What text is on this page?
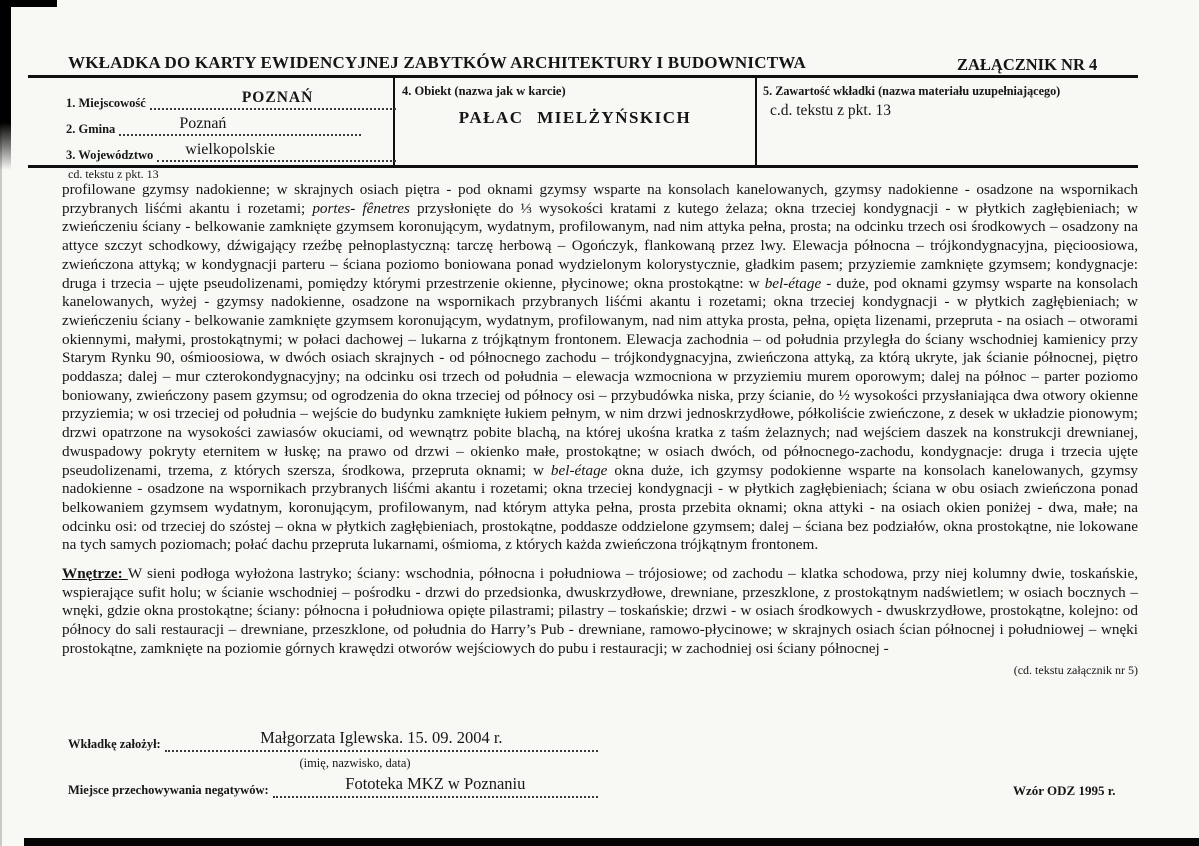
WKŁADKA DO KARTY EWIDENCYJNEJ ZABYTKÓW ARCHITEKTURY I BUDOWNICTWA	ZAŁĄCZNIK NR 4
1. Miejscowość	POZNAŃ
2. Gmina	Poznań
3. Województwo wielkopolskie
4. Obiekt (nazwa jak w karcie)
PAŁAC MIELŻYŃSKICH
5. Zawartość wkładki (nazwa materiału uzupełniającego)
c.d. tekstu z pkt. 13
cd. tekstu z pkt. 13

profilowane gzymsy nadokienne; w skrajnych osiach piętra - pod oknami gzymsy wsparte na konsolach kanelowanych, gzymsy nadokienne - osadzone na wspornikach przybranych liśćmi akantu i rozetami; portes- fênetres przysłonięte do ⅓ wysokości kratami z kutego żelaza; okna trzeciej kondygnacji - w płytkich zagłębieniach; w zwieńczeniu ściany - belkowanie zamknięte gzymsem koronującym, wydatnym, profilowanym, nad nim attyka pełna, prosta; na odcinku trzech osi środkowych – osadzony na attyce szczyt schodkowy, dźwigający rzeźbę pełnoplastyczną: tarczę herbową – Ogończyk, flankowaną przez lwy. Elewacja północna – trójkondygnacyjna, pięcioosiowa, zwieńczona attyką; w kondygnacji parteru – ściana poziomo boniowana ponad wydzielonym kolorystycznie, gładkim pasem; przyziemie zamknięte gzymsem; kondygnacje: druga i trzecia – ujęte pseudolizenami, pomiędzy którymi przestrzenie okienne, płycinowe; okna prostokątne: w bel-étage - duże, pod oknami gzymsy wsparte na konsolach kanelowanych, wyżej - gzymsy nadokienne, osadzone na wspornikach przybranych liśćmi akantu i rozetami; okna trzeciej kondygnacji - w płytkich zagłębieniach; w zwieńczeniu ściany - belkowanie zamknięte gzymsem koronującym, wydatnym, profilowanym, nad nim attyka prosta, pełna, opięta lizenami, przepruta - na osiach – otworami okiennymi, małymi, prostokątnymi; w połaci dachowej – lukarna z trójkątnym frontonem. Elewacja zachodnia – od południa przyległa do ściany wschodniej kamienicy przy Starym Rynku 90, ośmioosiowa, w dwóch osiach skrajnych - od północnego zachodu – trójkondygnacyjna, zwieńczona attyką, za którą ukryte, jak ścianie północnej, piętro poddasza; dalej – mur czterokondygnacyjny; na odcinku osi trzech od południa – elewacja wzmocniona w przyziemiu murem oporowym; dalej na północ – parter poziomo boniowany, zwieńczony pasem gzymsu; od ogrodzenia do okna trzeciej od północy osi – przybudówka niska, przy ścianie, do ½ wysokości przysłaniająca dwa otwory okienne przyziemia; w osi trzeciej od południa – wejście do budynku zamknięte łukiem pełnym, w nim drzwi jednoskrzydłowe, półkoliście zwieńczone, z desek w układzie pionowym; drzwi opatrzone na wysokości zawiasów okuciami, od wewnątrz pobite blachą, na której ukośna kratka z taśm żelaznych; nad wejściem daszek na konstrukcji drewnianej, dwuspadowy pokryty eternitem w łuskę; na prawo od drzwi – okienko małe, prostokątne; w osiach dwóch, od północnego-zachodu, kondygnacje: druga i trzecia ujęte pseudolizenami, trzema, z których szersza, środkowa, przepruta oknami; w bel-étage okna duże, ich gzymsy podokienne wsparte na konsolach kanelowanych, gzymsy nadokienne - osadzone na wspornikach przybranych liśćmi akantu i rozetami; okna trzeciej kondygnacji - w płytkich zagłębieniach; ściana w obu osiach zwieńczona ponad belkowaniem gzymsem wydatnym, koronującym, profilowanym, nad którym attyka pełna, prosta przebita oknami; okna attyki - na osiach okien poniżej - dwa, małe; na odcinku osi: od trzeciej do szóstej – okna w płytkich zagłębieniach, prostokątne, poddasze oddzielone gzymsem; dalej – ściana bez podziałów, okna prostokątne, nie lokowane na tych samych poziomach; połać dachu przepruta lukarnami, ośmioma, z których każda zwieńczona trójkątnym frontonem.

Wnętrze: W sieni podłoga wyłożona lastryko; ściany: wschodnia, północna i południowa – trójosiowe; od zachodu – klatka schodowa, przy niej kolumny dwie, toskańskie, wspierające sufit holu; w ścianie wschodniej – pośrodku - drzwi do przedsionka, dwuskrzydłowe, drewniane, przeszklone, z prostokątnym nadświetlem; w osiach bocznych – wnęki, gdzie okna prostokątne; ściany: północna i południowa opięte pilastrami; pilastry – toskańskie; drzwi - w osiach środkowych - dwuskrzydłowe, prostokątne, kolejno: od północy do sali restauracji – drewniane, przeszklone, od południa do Harry’s Pub - drewniane, ramowo-płycinowe; w skrajnych osiach ścian północnej i południowej – wnęki prostokątne, zamknięte na poziomie górnych krawędzi otworów wejściowych do pubu i restauracji; w zachodniej osi ściany północnej -

(cd. tekstu załącznik nr 5)

Wkładkę założył:	Małgorzata Iglewska. 15. 09. 2004 r.
(imię, nazwisko, data)
Miejsce przechowywania negatywów:	Fototeka MKZ w Poznaniu	Wzór ODZ 1995 r.
